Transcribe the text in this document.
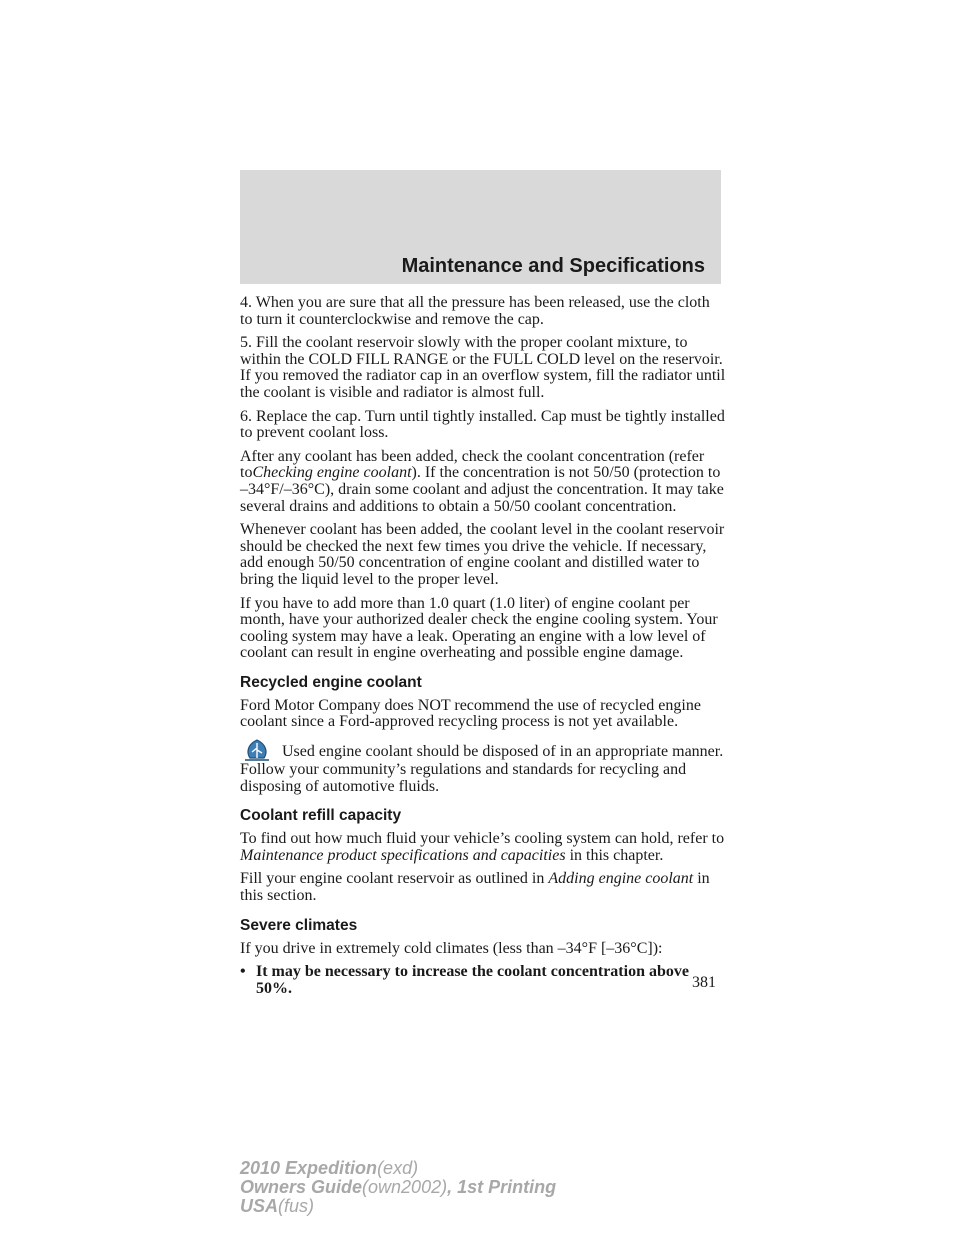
Maintenance and Specifications

4. When you are sure that all the pressure has been released, use the cloth to turn it counterclockwise and remove the cap.

5. Fill the coolant reservoir slowly with the proper coolant mixture, to within the COLD FILL RANGE or the FULL COLD level on the reservoir. If you removed the radiator cap in an overflow system, fill the radiator until the coolant is visible and radiator is almost full.

6. Replace the cap. Turn until tightly installed. Cap must be tightly installed to prevent coolant loss.

After any coolant has been added, check the coolant concentration (refer toChecking engine coolant). If the concentration is not 50/50 (protection to –34°F/–36°C), drain some coolant and adjust the concentration. It may take several drains and additions to obtain a 50/50 coolant concentration.

Whenever coolant has been added, the coolant level in the coolant reservoir should be checked the next few times you drive the vehicle. If necessary, add enough 50/50 concentration of engine coolant and distilled water to bring the liquid level to the proper level.

If you have to add more than 1.0 quart (1.0 liter) of engine coolant per month, have your authorized dealer check the engine cooling system. Your cooling system may have a leak. Operating an engine with a low level of coolant can result in engine overheating and possible engine damage.

Recycled engine coolant

Ford Motor Company does NOT recommend the use of recycled engine coolant since a Ford-approved recycling process is not yet available.

Used engine coolant should be disposed of in an appropriate manner. Follow your community’s regulations and standards for recycling and disposing of automotive fluids.

Coolant refill capacity

To find out how much fluid your vehicle’s cooling system can hold, refer to Maintenance product specifications and capacities in this chapter.

Fill your engine coolant reservoir as outlined in Adding engine coolant in this section.

Severe climates

If you drive in extremely cold climates (less than –34°F [–36°C]):

• It may be necessary to increase the coolant concentration above 50%.	381
2010 Expedition(exd)
Owners Guide(own2002), 1st Printing
USA(fus)
